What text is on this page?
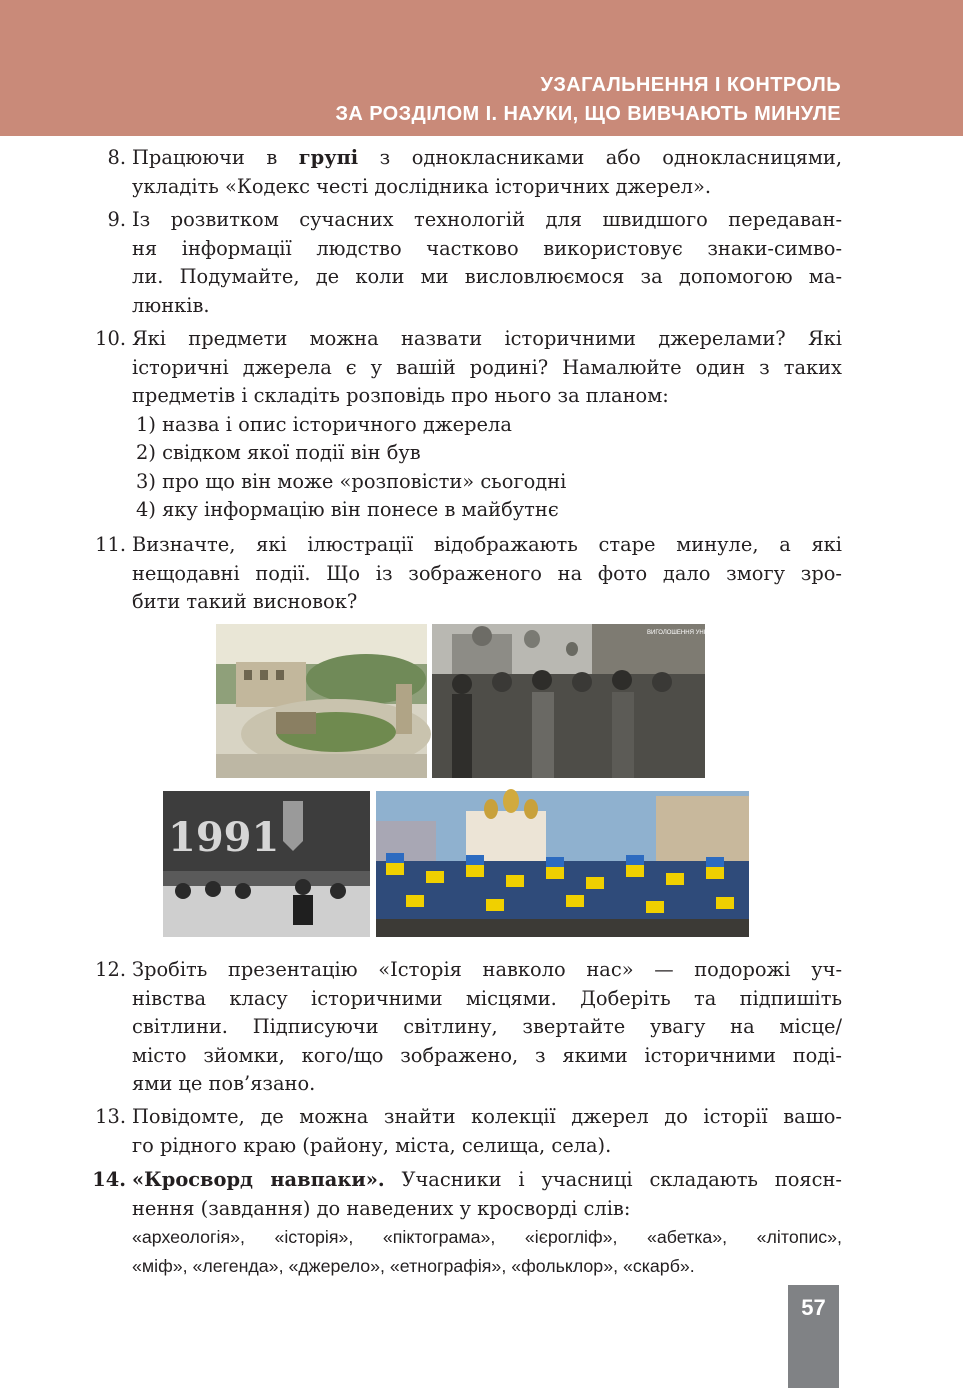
УЗАГАЛЬНЕННЯ І КОНТРОЛЬ
ЗА РОЗДІЛОМ І. НАУКИ, ЩО ВИВЧАЮТЬ МИНУЛЕ
8. Працюючи в групі з однокласниками або однокласницями,
укладіть «Кодекс честі дослідника історичних джерел».
9. Із розвитком сучасних технологій для швидшого передаван-
ня інформації людство частково використовує знаки-симво-
ли. Подумайте, де коли ми висловлюємося за допомогою ма-
люнків.
10. Які предмети можна назвати історичними джерелами? Які
історичні джерела є у вашій родині? Намалюйте один з таких
предметів і складіть розповідь про нього за планом:
1) назва і опис історичного джерела
2) свідком якої події він був
3) про що він може «розповісти» сьогодні
4) яку інформацію він понесе в майбутнє
11. Визначте, які ілюстрації відображають старе минуле, а які
нещодавні події. Що із зображеного на фото дало змогу зро-
бити такий висновок?
ВИГОЛОШЕННЯ УНІВЕРСАЛУ
1991
12. Зробіть презентацію «Історія навколо нас» — подорожі уч-
нівства класу історичними місцями. Доберіть та підпишіть
світлини. Підписуючи світлину, звертайте увагу на місце/
місто зйомки, кого/що зображено, з якими історичними поді-
ями це пов’язано.
13. Повідомте, де можна знайти колекції джерел до історії вашо-
го рідного краю (району, міста, селища, села).
14. «Кросворд навпаки». Учасники і учасниці складають поясн-
нення (завдання) до наведених у кросворді слів:
«археологія», «історія», «піктограма», «ієрогліф», «абетка», «літопис»,
«міф», «легенда», «джерело», «етнографія», «фольклор», «скарб».
57
